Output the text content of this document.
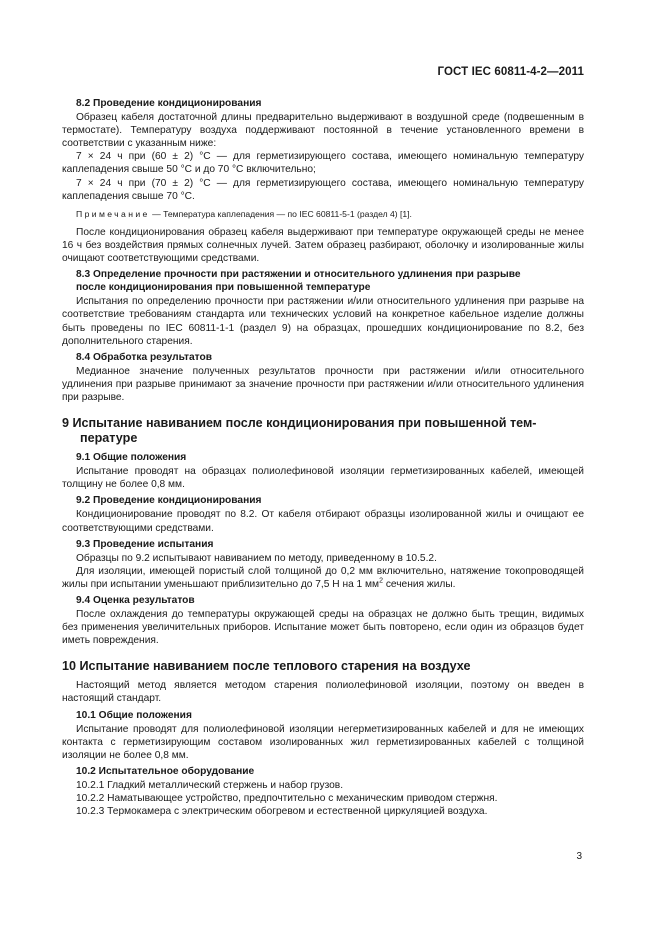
ГОСТ IEC 60811-4-2—2011
8.2 Проведение кондиционирования

Образец кабеля достаточной длины предварительно выдерживают в воздушной среде (подвешенным в термостате). Температуру воздуха поддерживают постоянной в течение установленного времени в соответствии с указанным ниже:

7 × 24 ч при (60 ± 2) °С — для герметизирующего состава, имеющего номинальную температуру каплепадения свыше 50 °С и до 70 °С включительно;

7 × 24 ч при (70 ± 2) °С — для герметизирующего состава, имеющего номинальную температуру каплепадения свыше 70 °С.

Примечание — Температура каплепадения — по IEC 60811-5-1 (раздел 4) [1].

После кондиционирования образец кабеля выдерживают при температуре окружающей среды не менее 16 ч без воздействия прямых солнечных лучей. Затем образец разбирают, оболочку и изолированные жилы очищают соответствующими средствами.

8.3 Определение прочности при растяжении и относительного удлинения при разрыве
после кондиционирования при повышенной температуре

Испытания по определению прочности при растяжении и/или относительного удлинения при разрыве на соответствие требованиям стандарта или технических условий на конкретное кабельное изделие должны быть проведены по IEC 60811-1-1 (раздел 9) на образцах, прошедших кондиционирование по 8.2, без дополнительного старения.

8.4 Обработка результатов

Медианное значение полученных результатов прочности при растяжении и/или относительного удлинения при разрыве принимают за значение прочности при растяжении и/или относительного удлинения при разрыве.

9 Испытание навиванием после кондиционирования при повышенной тем-
пературе
9.1 Общие положения

Испытание проводят на образцах полиолефиновой изоляции герметизированных кабелей, имеющей толщину не более 0,8 мм.

9.2 Проведение кондиционирования

Кондиционирование проводят по 8.2. От кабеля отбирают образцы изолированной жилы и очищают ее соответствующими средствами.

9.3 Проведение испытания

Образцы по 9.2 испытывают навиванием по методу, приведенному в 10.5.2.

Для изоляции, имеющей пористый слой толщиной до 0,2 мм включительно, натяжение токопроводящей жилы при испытании уменьшают приблизительно до 7,5 Н на 1 $мм^2$ сечения жилы.

9.4 Оценка результатов

После охлаждения до температуры окружающей среды на образцах не должно быть трещин, видимых без применения увеличительных приборов. Испытание может быть повторено, если один из образцов будет иметь повреждения.

10 Испытание навиванием после теплового старения на воздухе

Настоящий метод является методом старения полиолефиновой изоляции, поэтому он введен в настоящий стандарт.

10.1 Общие положения

Испытание проводят для полиолефиновой изоляции негерметизированных кабелей и для не имеющих контакта с герметизирующим составом изолированных жил герметизированных кабелей с толщиной изоляции не более 0,8 мм.

10.2 Испытательное оборудование

10.2.1 Гладкий металлический стержень и набор грузов.

10.2.2 Наматывающее устройство, предпочтительно с механическим приводом стержня.

10.2.3 Термокамера с электрическим обогревом и естественной циркуляцией воздуха.

3
